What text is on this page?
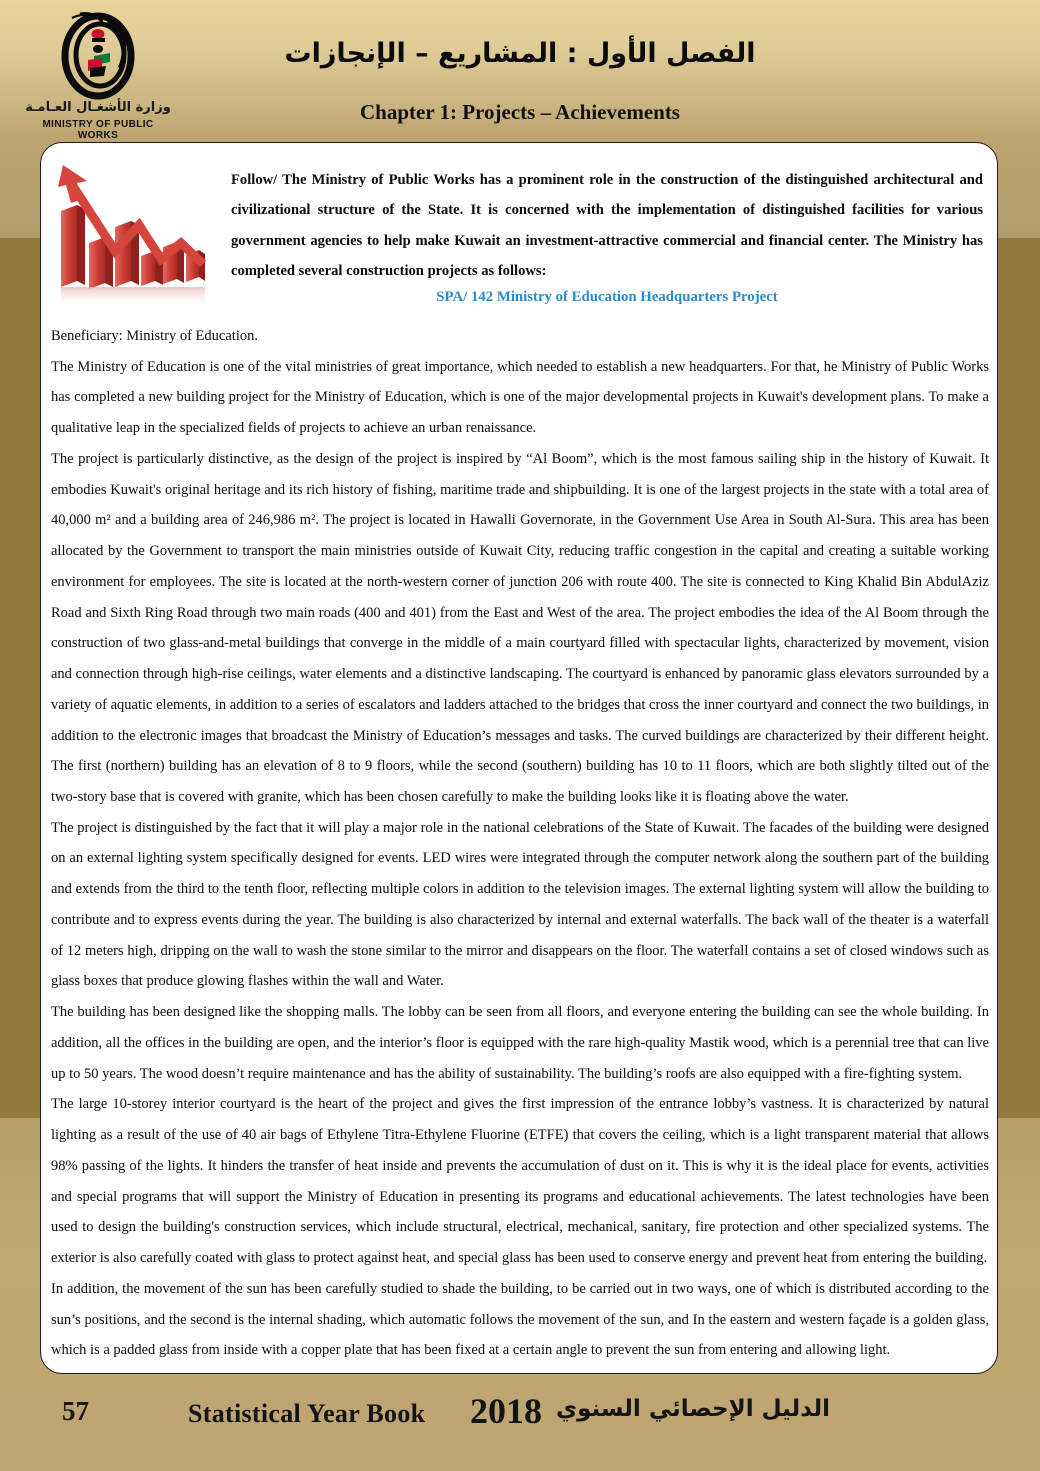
وزارة الأشغـال العـامـة
MINISTRY OF PUBLIC WORKS
الفصل الأول : المشاريع – الإنجازات
Chapter 1: Projects – Achievements
Follow/ The Ministry of Public Works has a prominent role in the construction of the distinguished architectural and civilizational structure of the State. It is concerned with the implementation of distinguished facilities for various government agencies to help make Kuwait an investment-attractive commercial and financial center. The Ministry has completed several construction projects as follows:
SPA/ 142 Ministry of Education Headquarters Project

Beneficiary: Ministry of Education.

The Ministry of Education is one of the vital ministries of great importance, which needed to establish a new headquarters. For that, he Ministry of Public Works has completed a new building project for the Ministry of Education, which is one of the major developmental projects in Kuwait's development plans. To make a qualitative leap in the specialized fields of projects to achieve an urban renaissance.

The project is particularly distinctive, as the design of the project is inspired by “Al Boom”, which is the most famous sailing ship in the history of Kuwait. It embodies Kuwait's original heritage and its rich history of fishing, maritime trade and shipbuilding. It is one of the largest projects in the state with a total area of 40,000 m² and a building area of 246,986 m². The project is located in Hawalli Governorate, in the Government Use Area in South Al-Sura. This area has been allocated by the Government to transport the main ministries outside of Kuwait City, reducing traffic congestion in the capital and creating a suitable working environment for employees. The site is located at the north-western corner of junction 206 with route 400. The site is connected to King Khalid Bin AbdulAziz Road and Sixth Ring Road through two main roads (400 and 401) from the East and West of the area. The project embodies the idea of the Al Boom through the construction of two glass-and-metal buildings that converge in the middle of a main courtyard filled with spectacular lights, characterized by movement, vision and connection through high-rise ceilings, water elements and a distinctive landscaping. The courtyard is enhanced by panoramic glass elevators surrounded by a variety of aquatic elements, in addition to a series of escalators and ladders attached to the bridges that cross the inner courtyard and connect the two buildings, in addition to the electronic images that broadcast the Ministry of Education’s messages and tasks. The curved buildings are characterized by their different height. The first (northern) building has an elevation of 8 to 9 floors, while the second (southern) building has 10 to 11 floors, which are both slightly tilted out of the two-story base that is covered with granite, which has been chosen carefully to make the building looks like it is floating above the water.

The project is distinguished by the fact that it will play a major role in the national celebrations of the State of Kuwait. The facades of the building were designed on an external lighting system specifically designed for events. LED wires were integrated through the computer network along the southern part of the building and extends from the third to the tenth floor, reflecting multiple colors in addition to the television images. The external lighting system will allow the building to contribute and to express events during the year. The building is also characterized by internal and external waterfalls. The back wall of the theater is a waterfall of 12 meters high, dripping on the wall to wash the stone similar to the mirror and disappears on the floor. The waterfall contains a set of closed windows such as glass boxes that produce glowing flashes within the wall and Water.

The building has been designed like the shopping malls. The lobby can be seen from all floors, and everyone entering the building can see the whole building. In addition, all the offices in the building are open, and the interior’s floor is equipped with the rare high-quality Mastik wood, which is a perennial tree that can live up to 50 years. The wood doesn’t require maintenance and has the ability of sustainability. The building’s roofs are also equipped with a fire-fighting system.

The large 10-storey interior courtyard is the heart of the project and gives the first impression of the entrance lobby’s vastness. It is characterized by natural lighting as a result of the use of 40 air bags of Ethylene Titra-Ethylene Fluorine (ETFE) that covers the ceiling, which is a light transparent material that allows 98% passing of the lights. It hinders the transfer of heat inside and prevents the accumulation of dust on it. This is why it is the ideal place for events, activities and special programs that will support the Ministry of Education in presenting its programs and educational achievements. The latest technologies have been used to design the building's construction services, which include structural, electrical, mechanical, sanitary, fire protection and other specialized systems. The exterior is also carefully coated with glass to protect against heat, and special glass has been used to conserve energy and prevent heat from entering the building.

In addition, the movement of the sun has been carefully studied to shade the building, to be carried out in two ways, one of which is distributed according to the sun’s positions, and the second is the internal shading, which automatic follows the movement of the sun, and In the eastern and western façade is a golden glass, which is a padded glass from inside with a copper plate that has been fixed at a certain angle to prevent the sun from entering and allowing light.

57	Statistical Year Book 2018 الدليل الإحصائي السنوي
